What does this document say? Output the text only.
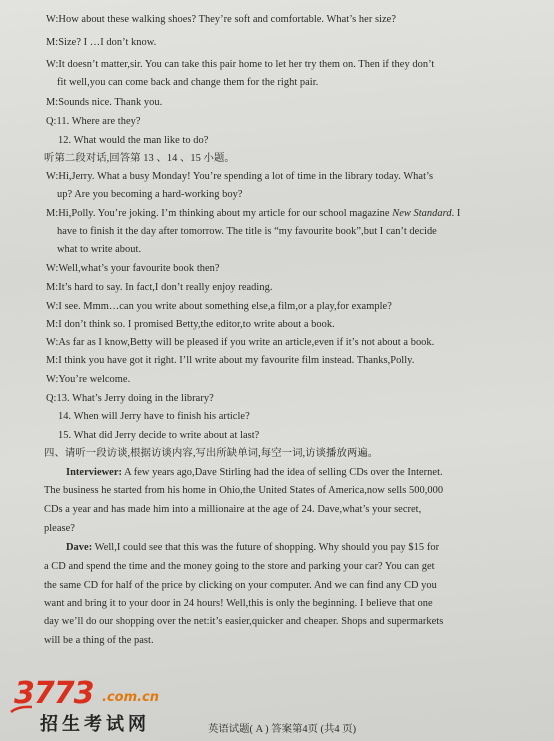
W:How about these walking shoes? They’re soft and comfortable. What’s her size?
M:Size? I …I don’t know.
W:It doesn’t matter,sir. You can take this pair home to let her try them on. Then if they don’t
fit well,you can come back and change them for the right pair.
M:Sounds nice. Thank you.
Q:11. Where are they?
12. What would the man like to do?
听第二段对话,回答第 13 、14 、15 小题。
W:Hi,Jerry. What a busy Monday! You’re spending a lot of time in the library today. What’s
up? Are you becoming a hard-working boy?
M:Hi,Polly. You’re joking. I’m thinking about my article for our school magazine New Standard. I
have to finish it the day after tomorrow. The title is “my favourite book”,but I can’t decide
what to write about.
W:Well,what’s your favourite book then?
M:It’s hard to say. In fact,I don’t really enjoy reading.
W:I see. Mmm…can you write about something else,a film,or a play,for example?
M:I don’t think so. I promised Betty,the editor,to write about a book.
W:As far as I know,Betty will be pleased if you write an article,even if it’s not about a book.
M:I think you have got it right. I’ll write about my favourite film instead. Thanks,Polly.
W:You’re welcome.
Q:13. What’s Jerry doing in the library?
14. When will Jerry have to finish his article?
15. What did Jerry decide to write about at last?
四、请听一段访谈,根据访谈内容,写出所缺单词,每空一词,访谈播放两遍。
Interviewer: A few years ago,Dave Stirling had the idea of selling CDs over the Internet.
The business he started from his home in Ohio,the United States of America,now sells 500,000
CDs a year and has made him into a millionaire at the age of 24. Dave,what’s your secret,
please?
Dave: Well,I could see that this was the future of shopping. Why should you pay $15 for
a CD and spend the time and the money going to the store and parking your car? You can get
the same CD for half of the price by clicking on your computer. And we can find any CD you
want and bring it to your door in 24 hours! Well,this is only the beginning. I believe that one
day we’ll do our shopping over the net:it’s easier,quicker and cheaper. Shops and supermarkets
will be a thing of the past.
英语试题( A ) 答案第4页 (共4 页)
3773 .com.cn
招生考试网
